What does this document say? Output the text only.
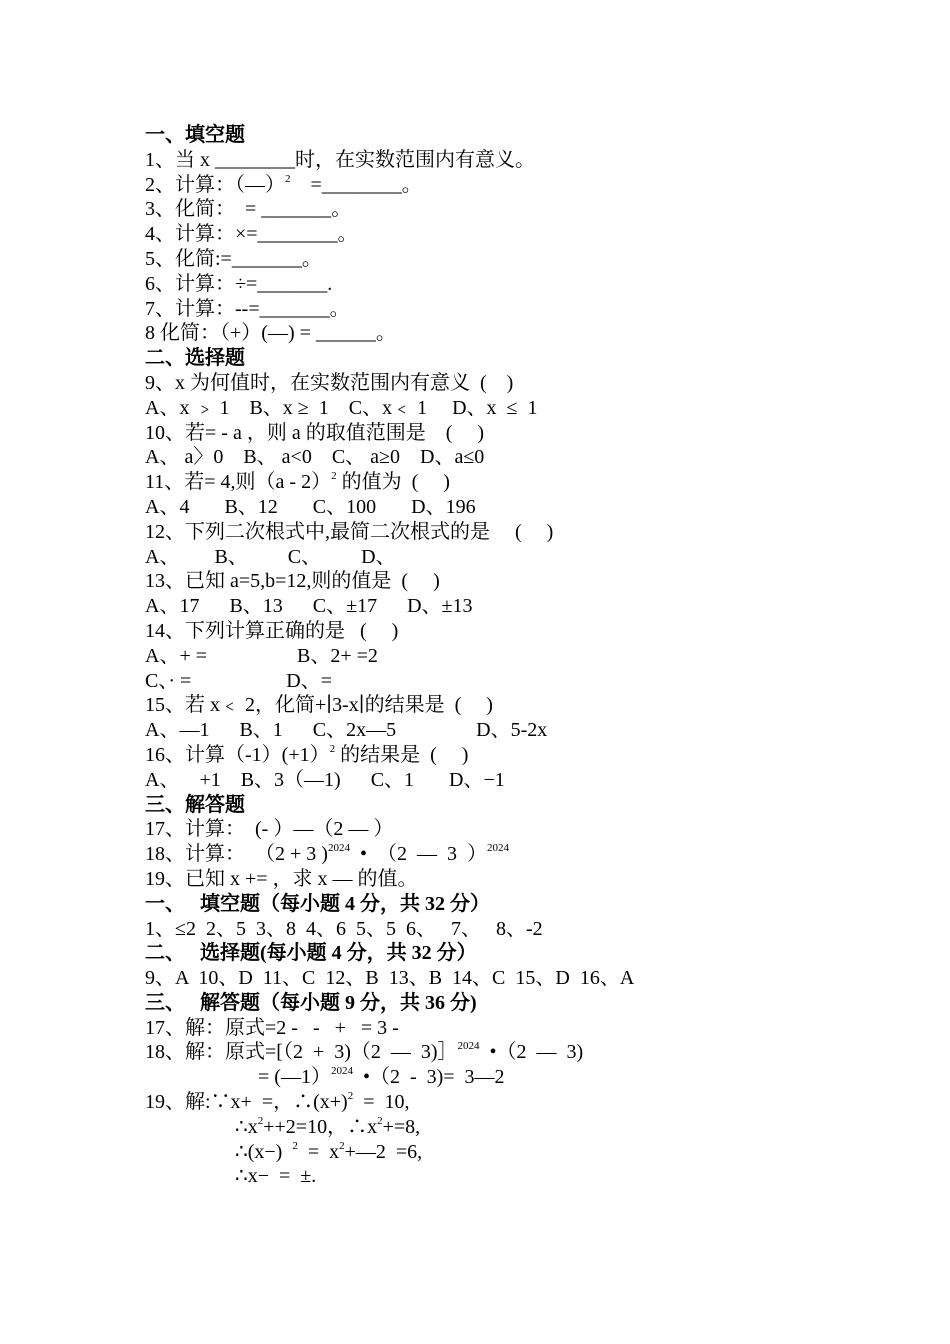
一、填空题
1、当 x ________时，在实数范围内有意义。
2、计算：（—）$^2$    =________。
3、化简：  = _______。
4、计算：×=________。
5、化简:=_______。
6、计算：÷=_______.
7、计算：--=_______。
8 化简：（+）(—) = ______。
二、选择题
9、x 为何值时，在实数范围内有意义  (    )
A、x ﹥ 1    B、x ≥  1    C、x﹤ 1     D、x  ≤  1
10、若= - a ，则 a 的取值范围是    (     )
A、 a〉0    B、 a<0    C、 a≥0    D、a≤0
11、若= 4,则（a - 2）$^2$ 的值为  (     )
A、4       B、12       C、100       D、196
12、下列二次根式中,最简二次根式的是     (     )
A、       B、        C、        D、
13、已知 a=5,b=12,则的值是  (     )
A、17      B、13      C、±17      D、±13
14、下列计算正确的是   (     )
A、+ =                  B、2+ =2
C、· =                   D、=
15、若 x﹤ 2，化简+∣3-x∣的结果是  (     )
A、—1      B、1      C、2x—5                D、5-2x
16、计算（-1）(+1）$^2$ 的结果是  (     )
A、    +1    B、3（—1)      C、1       D、−1
三、解答题
17、计算：  (- ）—（2 — ）
18、计算：  （2 + 3 )$^{2024}$  •  （2  —  3  ）$^{2024}$
19、已知 x += ，求 x — 的值。
一、   填空题（每小题 4 分，共 32 分）
1、≤2  2、5  3、8  4、6  5、5  6、   7、   8、-2
二、   选择题(每小题 4 分，共 32 分）
9、A  10、D  11、C  12、B  13、B  14、C  15、D  16、A
三、   解答题（每小题 9 分，共 36 分)
17、解：原式=2 -   -   +   = 3 -
18、解：原式=[（2  +  3)（2  —  3)］$^{2024}$  •（2  —  3)
= (—1）$^{2024}$  •（2  -  3)=  3—2
19、解:∵x+  =，$\therefore(x+)^2 = 10$,
$\therefore x^2++2=10$，$\therefore x^2+=8$,
∴(x−)  $^2 = x^2+—2 =6$,
∴x−  =  ±.
